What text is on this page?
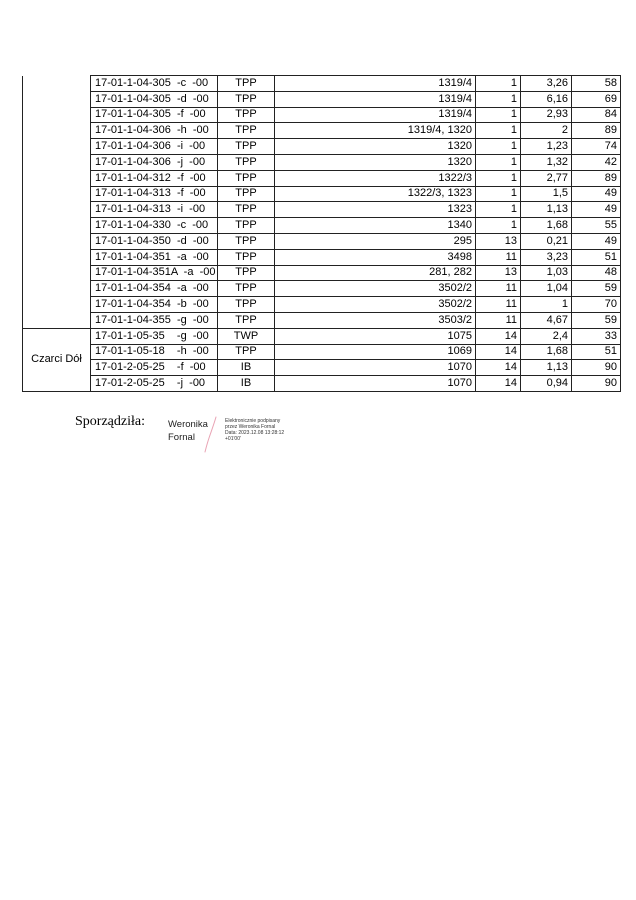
	17-01-1-04-305  -c  -00	TPP	1319/4	1	3,26	58
	17-01-1-04-305  -d  -00	TPP	1319/4	1	6,16	69
	17-01-1-04-305  -f  -00	TPP	1319/4	1	2,93	84
	17-01-1-04-306  -h  -00	TPP	1319/4, 1320	1	2	89
	17-01-1-04-306  -i  -00	TPP	1320	1	1,23	74
	17-01-1-04-306  -j  -00	TPP	1320	1	1,32	42
	17-01-1-04-312  -f  -00	TPP	1322/3	1	2,77	89
	17-01-1-04-313  -f  -00	TPP	1322/3, 1323	1	1,5	49
	17-01-1-04-313  -i  -00	TPP	1323	1	1,13	49
	17-01-1-04-330  -c  -00	TPP	1340	1	1,68	55
	17-01-1-04-350  -d  -00	TPP	295	13	0,21	49
	17-01-1-04-351  -a  -00	TPP	3498	11	3,23	51
	17-01-1-04-351A  -a  -00	TPP	281, 282	13	1,03	48
	17-01-1-04-354  -a  -00	TPP	3502/2	11	1,04	59
	17-01-1-04-354  -b  -00	TPP	3502/2	11	1	70
	17-01-1-04-355  -g  -00	TPP	3503/2	11	4,67	59
Czarci Dół	17-01-1-05-35    -g  -00	TWP	1075	14	2,4	33
	17-01-1-05-18    -h  -00	TPP	1069	14	1,68	51
	17-01-2-05-25    -f  -00	IB	1070	14	1,13	90
	17-01-2-05-25    -j  -00	IB	1070	14	0,94	90
Sporządziła: Weronika
Fornal
Elektronicznie podpisany
przez Weronika Fornal
Data: 2023.12.08 13:28:12
+01'00'
